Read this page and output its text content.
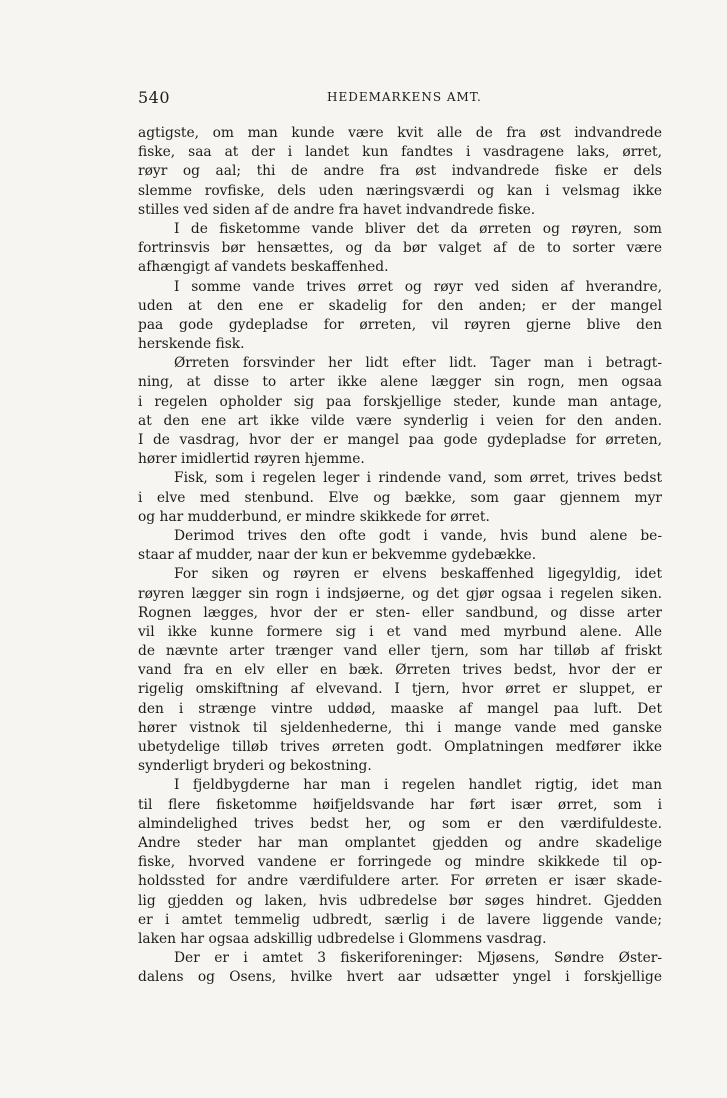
540	HEDEMARKENS AMT.
agtigste, om man kunde være kvit alle de fra øst indvandrede
fiske, saa at der i landet kun fandtes i vasdragene laks, ørret,
røyr og aal; thi de andre fra øst indvandrede fiske er dels
slemme rovfiske, dels uden næringsværdi og kan i velsmag ikke
stilles ved siden af de andre fra havet indvandrede fiske.
I de fisketomme vande bliver det da ørreten og røyren, som
fortrinsvis bør hensættes, og da bør valget af de to sorter være
afhængigt af vandets beskaffenhed.
I somme vande trives ørret og røyr ved siden af hverandre,
uden at den ene er skadelig for den anden; er der mangel
paa gode gydepladse for ørreten, vil røyren gjerne blive den
herskende fisk.
Ørreten forsvinder her lidt efter lidt. Tager man i betragt-
ning, at disse to arter ikke alene lægger sin rogn, men ogsaa
i regelen opholder sig paa forskjellige steder, kunde man antage,
at den ene art ikke vilde være synderlig i veien for den anden.
I de vasdrag, hvor der er mangel paa gode gydepladse for ørreten,
hører imidlertid røyren hjemme.
Fisk, som i regelen leger i rindende vand, som ørret, trives bedst
i elve med stenbund. Elve og bække, som gaar gjennem myr
og har mudderbund, er mindre skikkede for ørret.
Derimod trives den ofte godt i vande, hvis bund alene be-
staar af mudder, naar der kun er bekvemme gydebække.
For siken og røyren er elvens beskaffenhed ligegyldig, idet
røyren lægger sin rogn i indsjøerne, og det gjør ogsaa i regelen siken.
Rognen lægges, hvor der er sten- eller sandbund, og disse arter
vil ikke kunne formere sig i et vand med myrbund alene. Alle
de nævnte arter trænger vand eller tjern, som har tilløb af friskt
vand fra en elv eller en bæk. Ørreten trives bedst, hvor der er
rigelig omskiftning af elvevand. I tjern, hvor ørret er sluppet, er
den i strænge vintre uddød, maaske af mangel paa luft. Det
hører vistnok til sjeldenhederne, thi i mange vande med ganske
ubetydelige tilløb trives ørreten godt. Omplatningen medfører ikke
synderligt bryderi og bekostning.
I fjeldbygderne har man i regelen handlet rigtig, idet man
til flere fisketomme høifjeldsvande har ført især ørret, som i
almindelighed trives bedst her, og som er den værdifuldeste.
Andre steder har man omplantet gjedden og andre skadelige
fiske, hvorved vandene er forringede og mindre skikkede til op-
holdssted for andre værdifuldere arter. For ørreten er især skade-
lig gjedden og laken, hvis udbredelse bør søges hindret. Gjedden
er i amtet temmelig udbredt, særlig i de lavere liggende vande;
laken har ogsaa adskillig udbredelse i Glommens vasdrag.
Der er i amtet 3 fiskeriforeninger: Mjøsens, Søndre Øster-
dalens og Osens, hvilke hvert aar udsætter yngel i forskjellige
